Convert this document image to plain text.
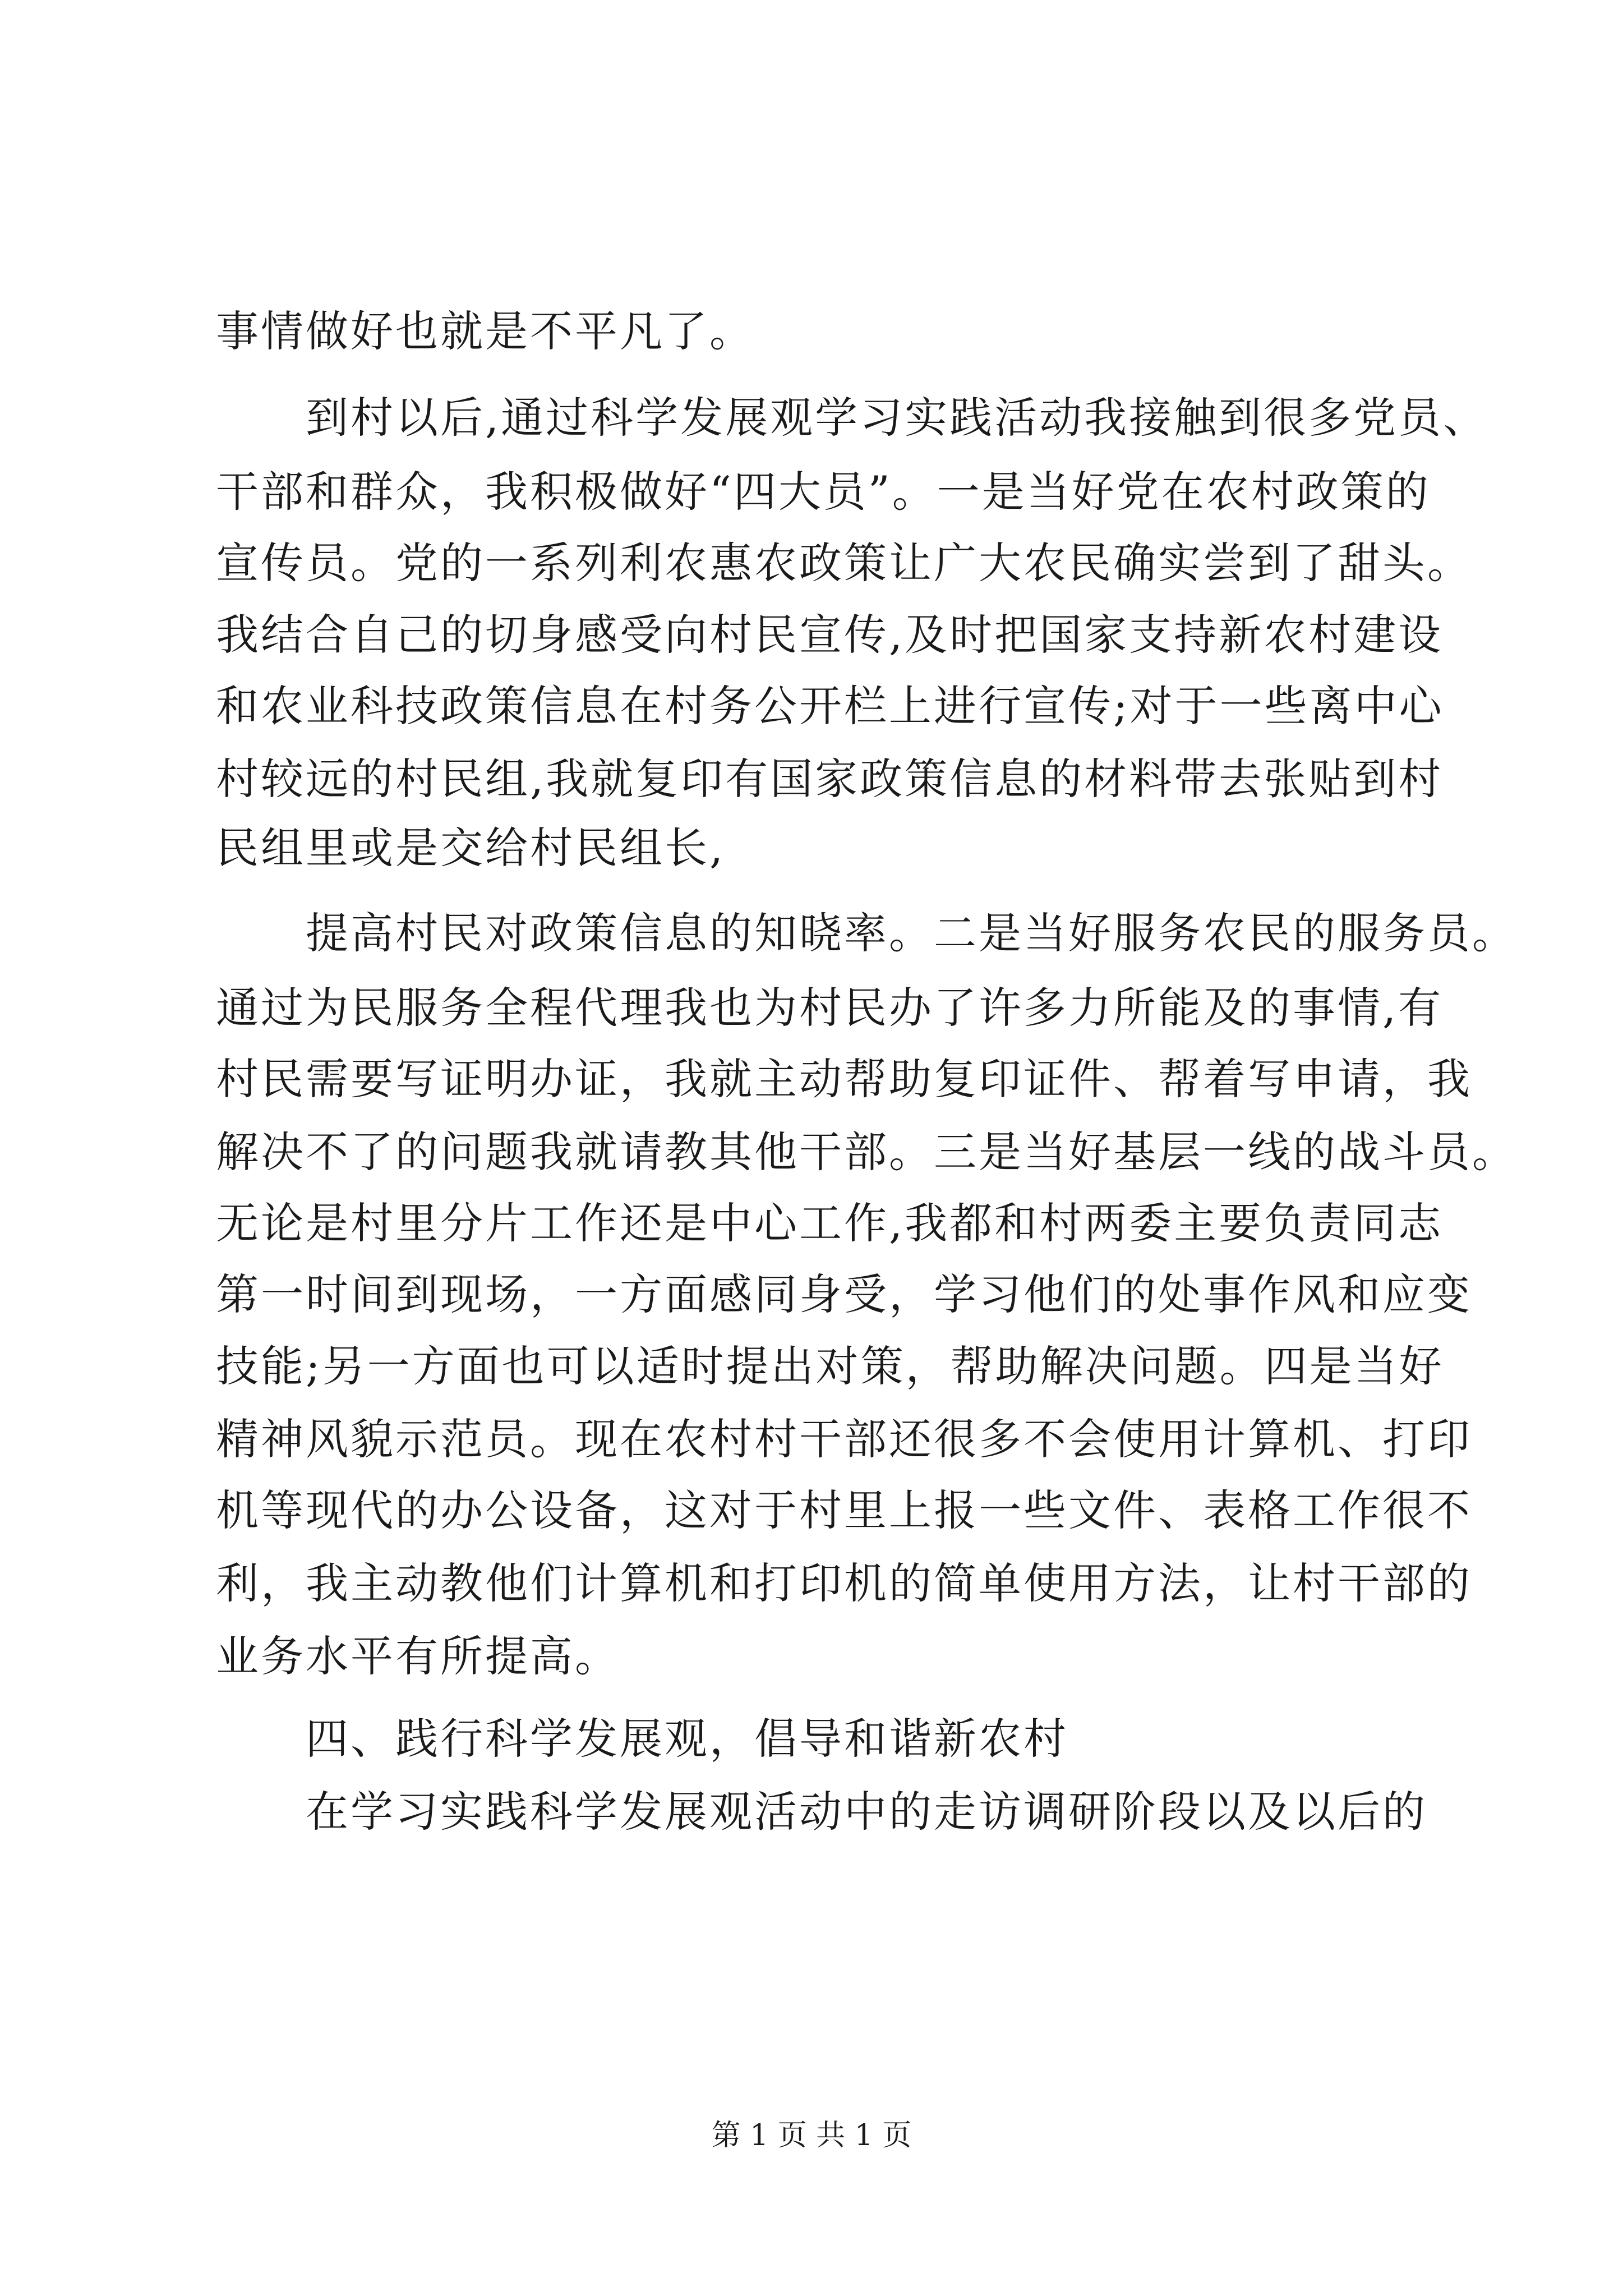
事情做好也就是不平凡了。
到村以后,通过科学发展观学习实践活动我接触到很多党员、
干部和群众，我积极做好“四大员”。一是当好党在农村政策的
宣传员。党的一系列利农惠农政策让广大农民确实尝到了甜头。
我结合自己的切身感受向村民宣传,及时把国家支持新农村建设
和农业科技政策信息在村务公开栏上进行宣传;对于一些离中心
村较远的村民组,我就复印有国家政策信息的材料带去张贴到村
民组里或是交给村民组长,
提高村民对政策信息的知晓率。二是当好服务农民的服务员。
通过为民服务全程代理我也为村民办了许多力所能及的事情,有
村民需要写证明办证，我就主动帮助复印证件、帮着写申请，我
解决不了的问题我就请教其他干部。三是当好基层一线的战斗员。
无论是村里分片工作还是中心工作,我都和村两委主要负责同志
第一时间到现场，一方面感同身受，学习他们的处事作风和应变
技能;另一方面也可以适时提出对策，帮助解决问题。四是当好
精神风貌示范员。现在农村村干部还很多不会使用计算机、打印
机等现代的办公设备，这对于村里上报一些文件、表格工作很不
利，我主动教他们计算机和打印机的简单使用方法，让村干部的
业务水平有所提高。
四、践行科学发展观，倡导和谐新农村
在学习实践科学发展观活动中的走访调研阶段以及以后的
第 1 页 共 1 页
